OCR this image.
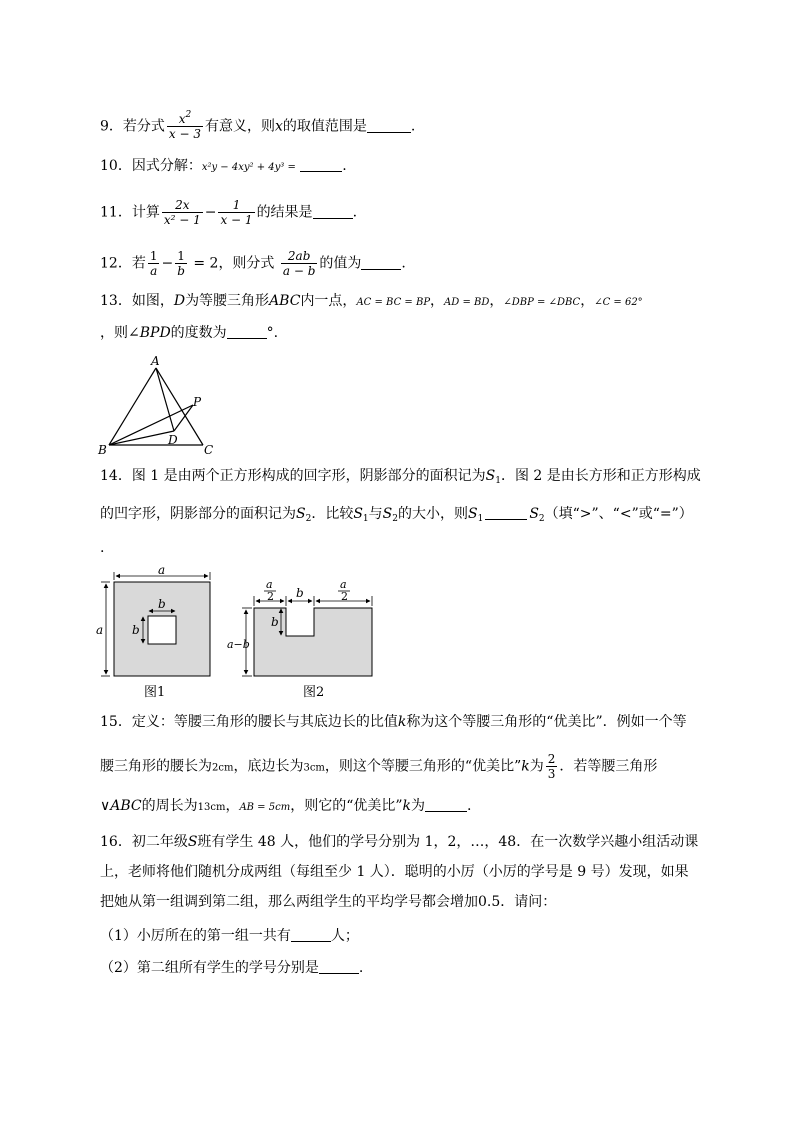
9．若分式 $\frac{x^2}{x - 3}$ 有意义，则x的取值范围是	.
10．因式分解：x²y − 4xy² + 4y³ =	.
11．计算 $\frac{2x}{\text{x² − 1}} - \frac{1}{x - 1}$ 的结果是	.
12．若 $\frac{1}{a} - \frac{1}{b} = 2$，则分式 $\frac{2ab}{a - b}$ 的值为	.
13．如图，D为等腰三角形ABC内一点，AC = BC = BP，AD = BD，∠DBP = ∠DBC，∠C = 62°
，则∠BPD的度数为	°.
A
B	C
D
P
14．图 1 是由两个正方形构成的回字形，阴影部分的面积记为$S_1$．图 2 是由长方形和正方形构成
的凹字形，阴影部分的面积记为$S_2$．比较$S_1$与$S_2$的大小，则$S_1$	$S_2$（填“>”、“<”或“=”）
.
a
a
b
b
图1
a
2 b
a
2
b
a−b
图2
15．定义：等腰三角形的腰长与其底边长的比值k称为这个等腰三角形的“优美比”．例如一个等
腰三角形的腰长为2cm，底边长为3cm，则这个等腰三角形的“优美比”k为 $\frac{2}{3}$ ．若等腰三角形
∨ABC的周长为13cm，AB = 5cm，则它的“优美比”k为	.
16．初二年级S班有学生 48 人，他们的学号分别为 1，2，…，48．在一次数学兴趣小组活动课
上，老师将他们随机分成两组（每组至少 1 人）．聪明的小厉（小厉的学号是 9 号）发现，如果
把她从第一组调到第二组，那么两组学生的平均学号都会增加0.5．请问：
（1）小厉所在的第一组一共有	人；
（2）第二组所有学生的学号分别是	.
